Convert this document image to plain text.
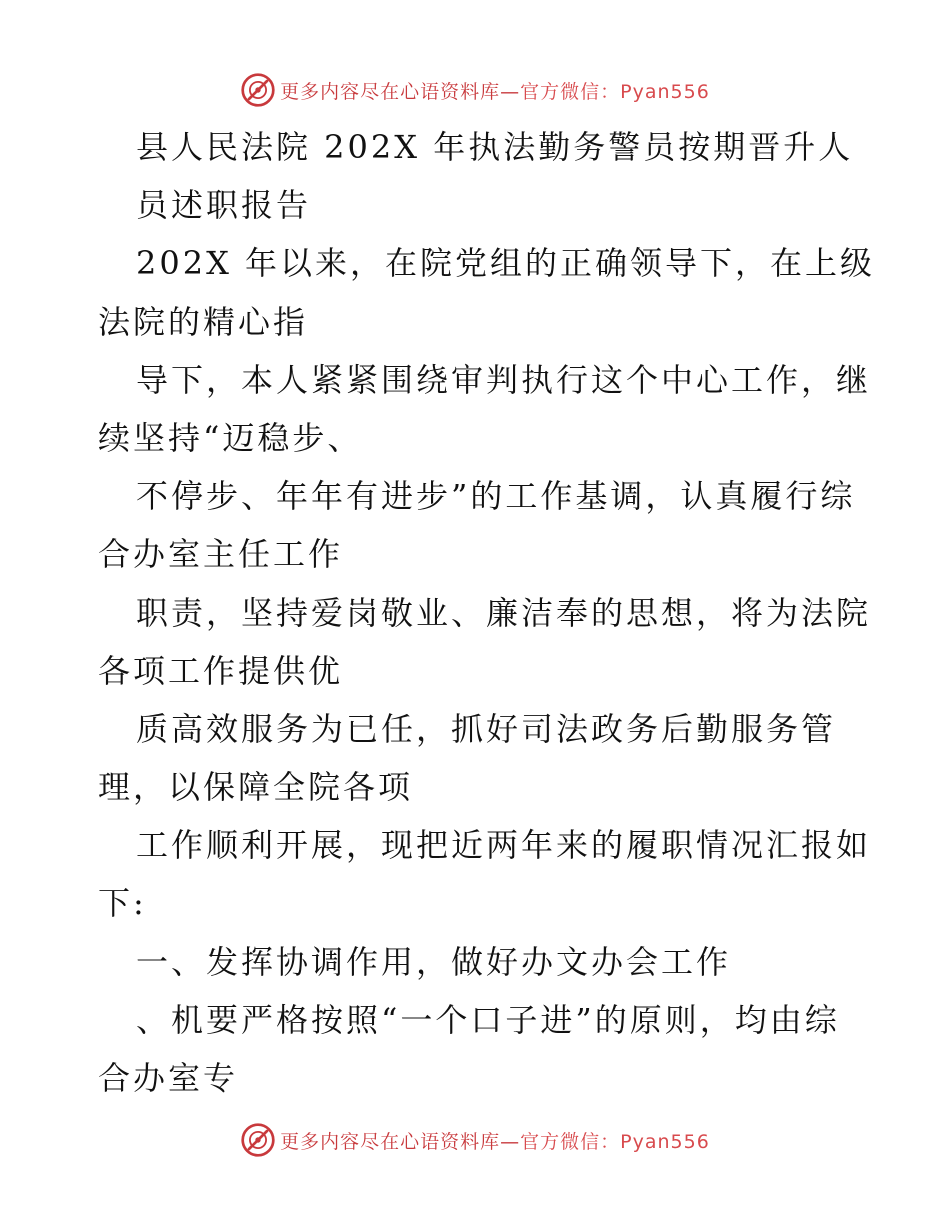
更多内容尽在心语资料库— 官方微信：Pyan556
县人民法院 202X 年执法勤务警员按期晋升人
员述职报告
202X 年以来，在院党组的正确领导下，在上级
法院的精心指
导下，本人紧紧围绕审判执行这个中心工作，继
续坚持“迈稳步、
不停步、年年有进步”的工作基调，认真履行综
合办室主任工作
职责，坚持爱岗敬业、廉洁奉的思想，将为法院
各项工作提供优
质高效服务为已任，抓好司法政务后勤服务管
理，以保障全院各项
工作顺利开展，现把近两年来的履职情况汇报如
下:
一、发挥协调作用，做好办文办会工作
、机要严格按照“一个口子进”的原则，均由综
合办室专
更多内容尽在心语资料库— 官方微信：Pyan556
